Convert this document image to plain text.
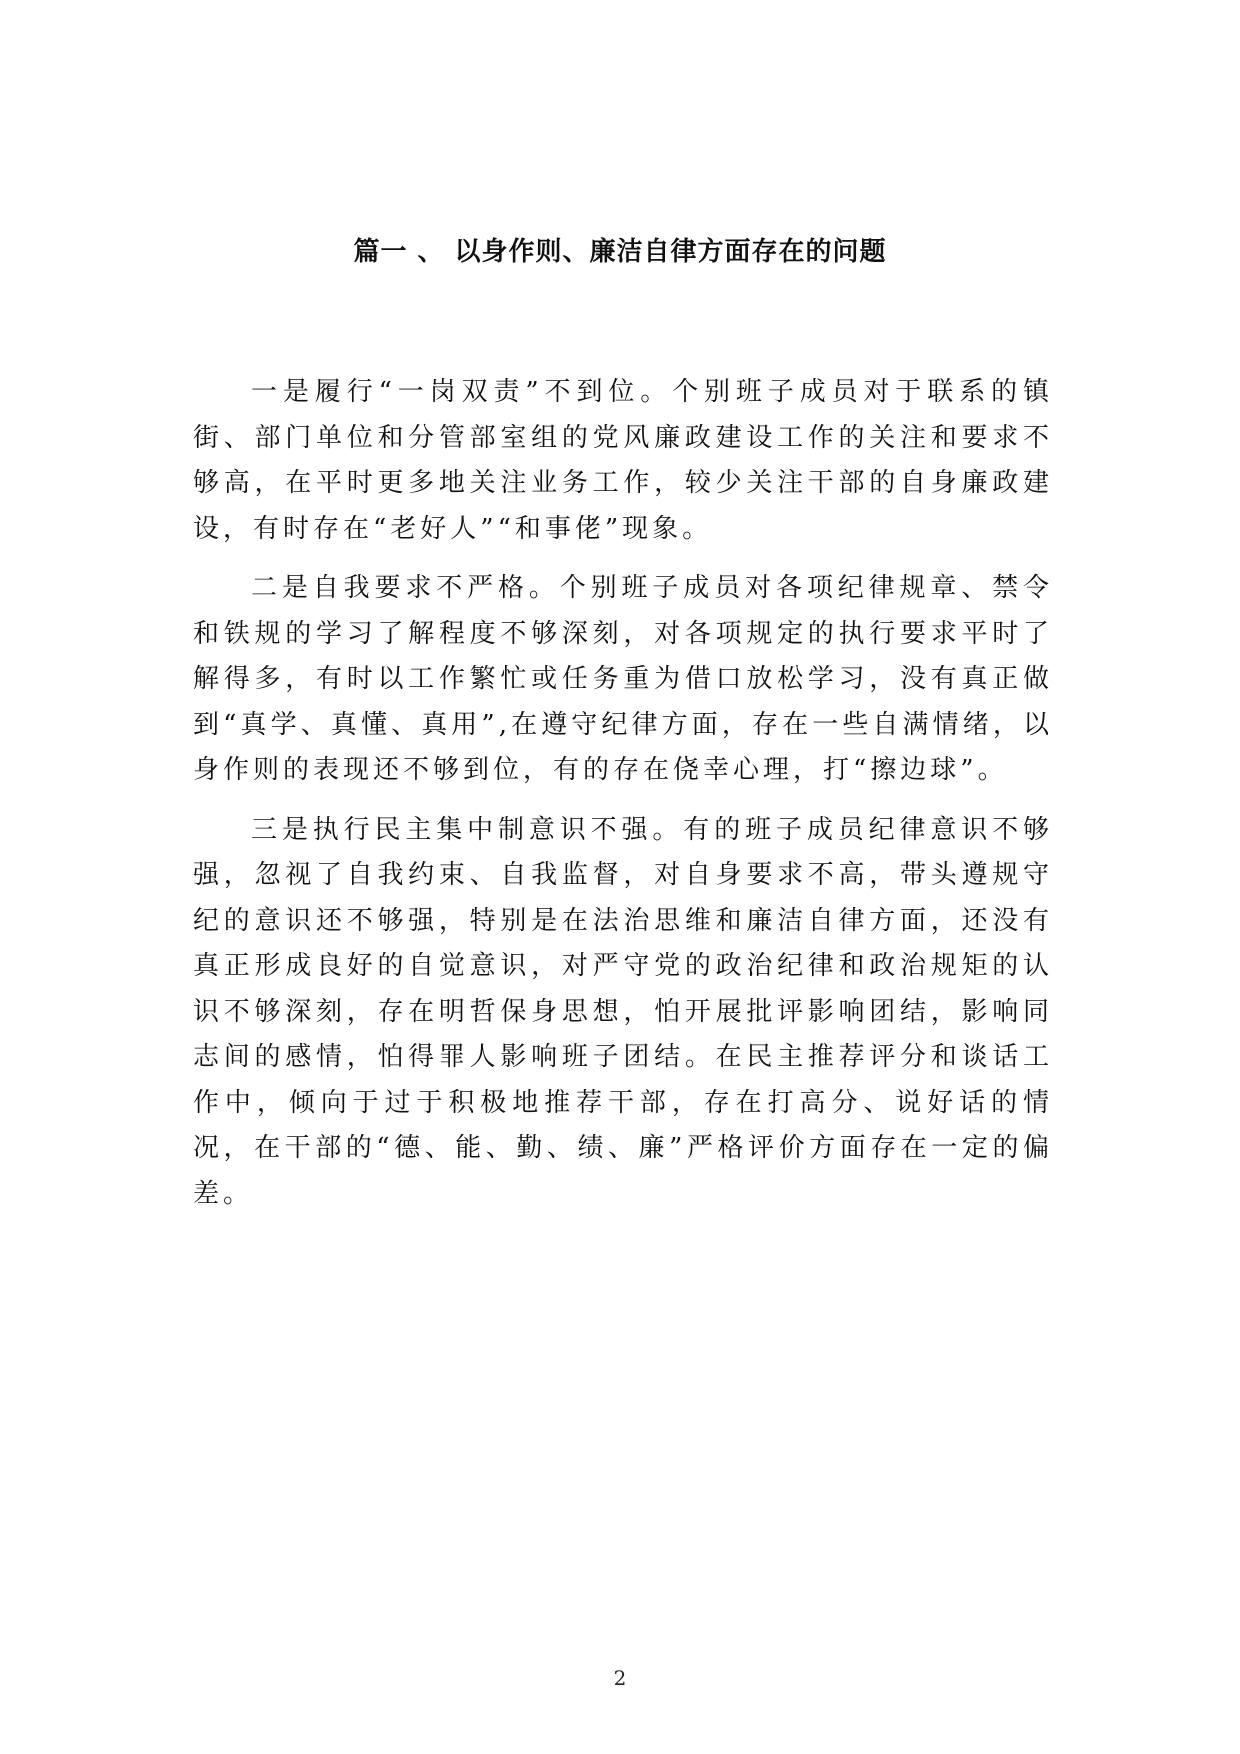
篇一 、 以身作则、廉洁自律方面存在的问题

一是履行“一岗双责”不到位。个别班子成员对于联系的镇街、部门单位和分管部室组的党风廉政建设工作的关注和要求不够高，在平时更多地关注业务工作，较少关注干部的自身廉政建设，有时存在“老好人”“和事佬”现象。

二是自我要求不严格。个别班子成员对各项纪律规章、禁令和铁规的学习了解程度不够深刻，对各项规定的执行要求平时了解得多，有时以工作繁忙或任务重为借口放松学习，没有真正做到“真学、真懂、真用”,在遵守纪律方面，存在一些自满情绪，以身作则的表现还不够到位，有的存在侥幸心理，打“擦边球”。

三是执行民主集中制意识不强。有的班子成员纪律意识不够强，忽视了自我约束、自我监督，对自身要求不高，带头遵规守纪的意识还不够强，特别是在法治思维和廉洁自律方面，还没有真正形成良好的自觉意识，对严守党的政治纪律和政治规矩的认识不够深刻，存在明哲保身思想，怕开展批评影响团结，影响同志间的感情，怕得罪人影响班子团结。在民主推荐评分和谈话工作中，倾向于过于积极地推荐干部，存在打高分、说好话的情况，在干部的“德、能、勤、绩、廉”严格评价方面存在一定的偏差。

2
